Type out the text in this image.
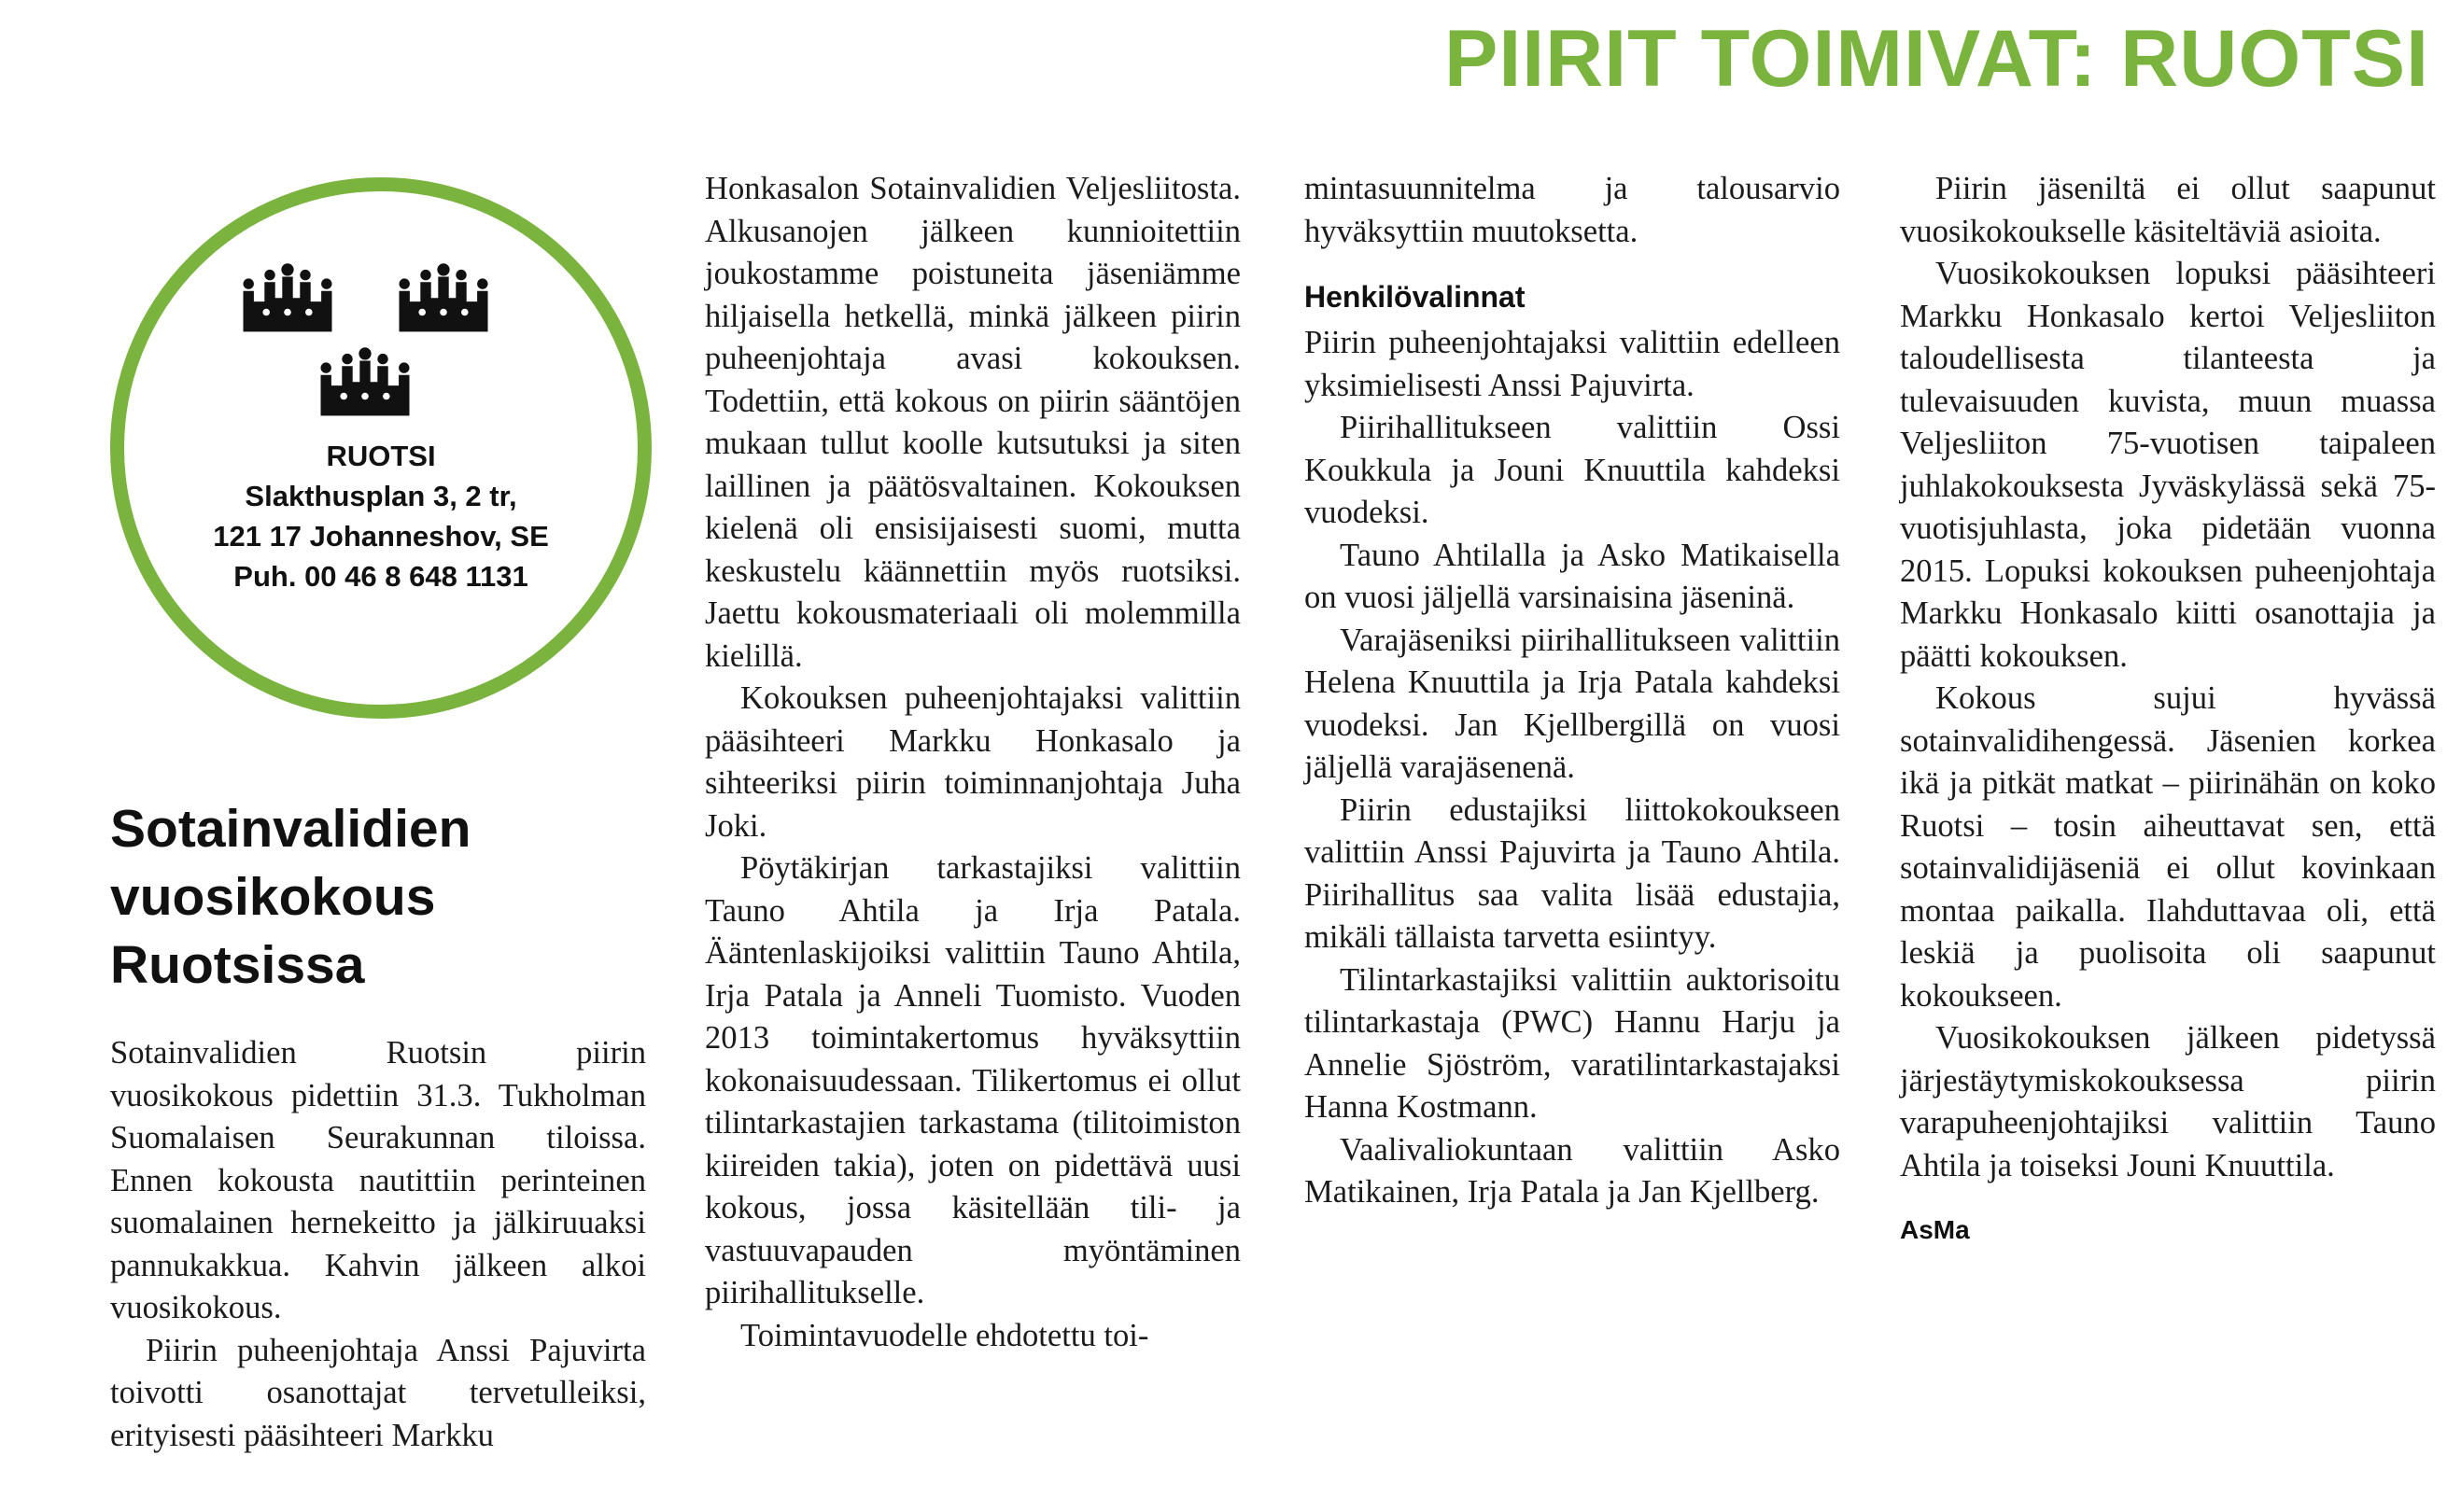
PIIRIT TOIMIVAT: RUOTSI
RUOTSI
Slakthusplan 3, 2 tr,
121 17 Johanneshov, SE
Puh. 00 46 8 648 1131
Sotainvalidien
vuosikokous
Ruotsissa

Sotainvalidien Ruotsin piirin vuosikokous pidettiin 31.3. Tukholman Suomalaisen Seurakunnan tiloissa. Ennen kokousta nautittiin perinteinen suomalainen hernekeitto ja jälkiruuaksi pannukakkua. Kahvin jälkeen alkoi vuosikokous.

Piirin puheenjohtaja Anssi Pajuvirta toivotti osanottajat tervetulleiksi, erityisesti pääsihteeri Markku

Honkasalon Sotainvalidien Veljesliitosta. Alkusanojen jälkeen kunnioitettiin joukostamme poistuneita jäseniämme hiljaisella hetkellä, minkä jälkeen piirin puheenjohtaja avasi kokouksen. Todettiin, että kokous on piirin sääntöjen mukaan tullut koolle kutsutuksi ja siten laillinen ja päätösvaltainen. Kokouksen kielenä oli ensisijaisesti suomi, mutta keskustelu käännettiin myös ruotsiksi. Jaettu kokousmateriaali oli molemmilla kielillä.

Kokouksen puheenjohtajaksi valittiin pääsihteeri Markku Honkasalo ja sihteeriksi piirin toiminnanjohtaja Juha Joki.

Pöytäkirjan tarkastajiksi valittiin Tauno Ahtila ja Irja Patala. Ääntenlaskijoiksi valittiin Tauno Ahtila, Irja Patala ja Anneli Tuomisto. Vuoden 2013 toimintakertomus hyväksyttiin kokonaisuudessaan. Tilikertomus ei ollut tilintarkastajien tarkastama (tilitoimiston kiireiden takia), joten on pidettävä uusi kokous, jossa käsitellään tili- ja vastuuvapauden myöntäminen piirihallitukselle.

Toimintavuodelle ehdotettu toi-

mintasuunnitelma ja talousarvio hyväksyttiin muutoksetta.

Henkilövalinnat

Piirin puheenjohtajaksi valittiin edelleen yksimielisesti Anssi Pajuvirta.

Piirihallitukseen valittiin Ossi Koukkula ja Jouni Knuuttila kahdeksi vuodeksi.

Tauno Ahtilalla ja Asko Matikaisella on vuosi jäljellä varsinaisina jäseninä.

Varajäseniksi piirihallitukseen valittiin Helena Knuuttila ja Irja Patala kahdeksi vuodeksi. Jan Kjellbergillä on vuosi jäljellä varajäsenenä.

Piirin edustajiksi liittokokoukseen valittiin Anssi Pajuvirta ja Tauno Ahtila. Piirihallitus saa valita lisää edustajia, mikäli tällaista tarvetta esiintyy.

Tilintarkastajiksi valittiin auktorisoitu tilintarkastaja (PWC) Hannu Harju ja Annelie Sjöström, varatilintarkastajaksi Hanna Kostmann.

Vaalivaliokuntaan valittiin Asko Matikainen, Irja Patala ja Jan Kjellberg.

Piirin jäseniltä ei ollut saapunut vuosikokoukselle käsiteltäviä asioita.

Vuosikokouksen lopuksi pääsihteeri Markku Honkasalo kertoi Veljesliiton taloudellisesta tilanteesta ja tulevaisuuden kuvista, muun muassa Veljesliiton 75-vuotisen taipaleen juhlakokouksesta Jyväskylässä sekä 75-vuotisjuhlasta, joka pidetään vuonna 2015. Lopuksi kokouksen puheenjohtaja Markku Honkasalo kiitti osanottajia ja päätti kokouksen.

Kokous sujui hyvässä sotainvalidihengessä. Jäsenien korkea ikä ja pitkät matkat – piirinähän on koko Ruotsi – tosin aiheuttavat sen, että sotainvalidijäseniä ei ollut kovinkaan montaa paikalla. Ilahduttavaa oli, että leskiä ja puolisoita oli saapunut kokoukseen.

Vuosikokouksen jälkeen pidetyssä järjestäytymiskokouksessa piirin varapuheenjohtajiksi valittiin Tauno Ahtila ja toiseksi Jouni Knuuttila.

AsMa
